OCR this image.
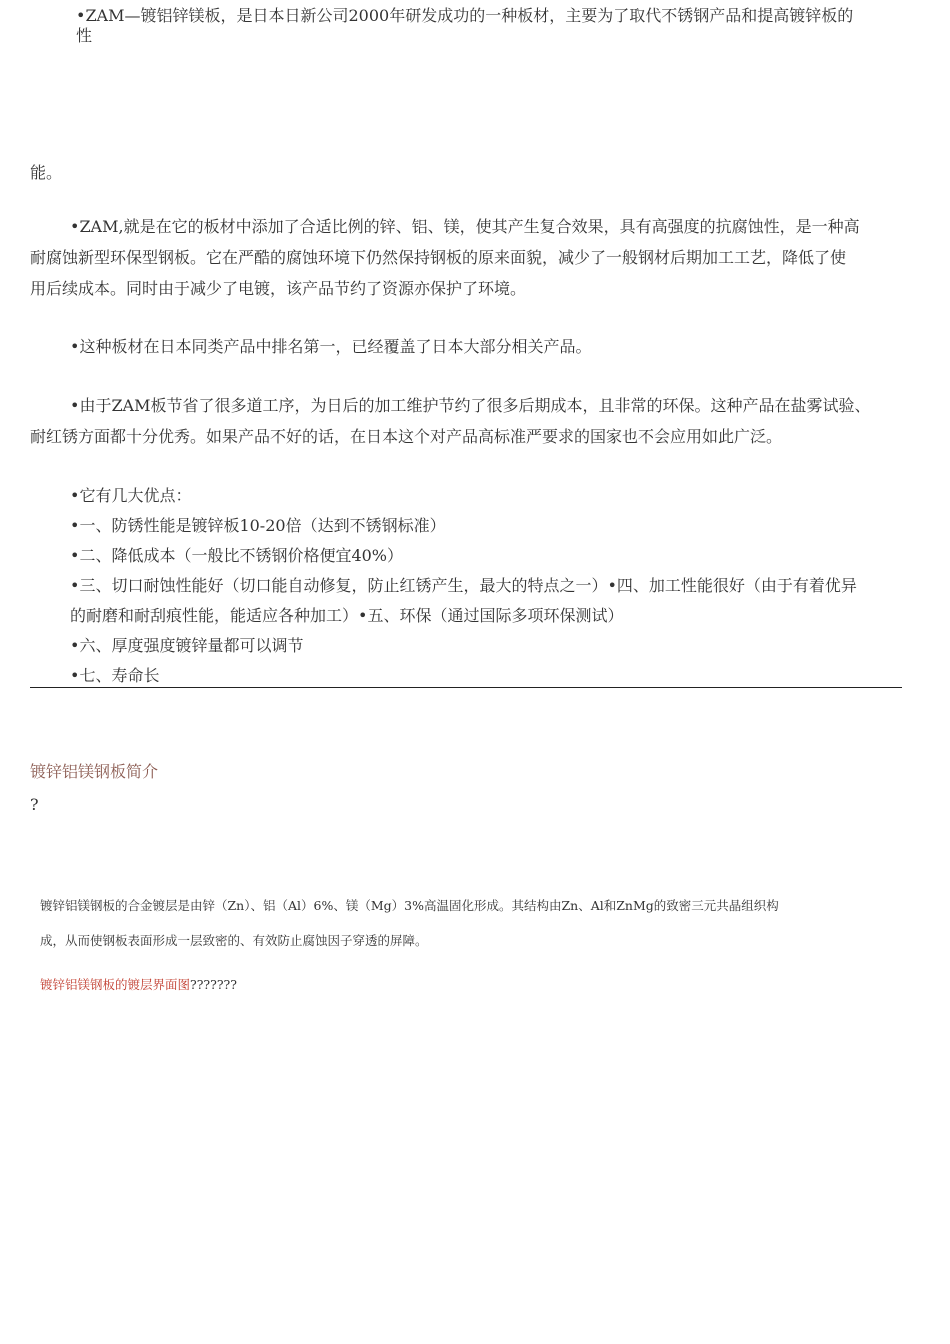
•ZAM—镀铝锌镁板，是日本日新公司2000年研发成功的一种板材，主要为了取代不锈钢产品和提高镀锌板的
性
能。
•ZAM,就是在它的板材中添加了合适比例的锌、铝、镁，使其产生复合效果，具有高强度的抗腐蚀性，是一种高
耐腐蚀新型环保型钢板。它在严酷的腐蚀环境下仍然保持钢板的原来面貌，减少了一般钢材后期加工工艺，降低了使
用后续成本。同时由于减少了电镀，该产品节约了资源亦保护了环境。
•这种板材在日本同类产品中排名第一，已经覆盖了日本大部分相关产品。
•由于ZAM板节省了很多道工序，为日后的加工维护节约了很多后期成本，且非常的环保。这种产品在盐雾试验、
耐红锈方面都十分优秀。如果产品不好的话，在日本这个对产品高标准严要求的国家也不会应用如此广泛。
•它有几大优点：
•一、防锈性能是镀锌板10-20倍（达到不锈钢标准）
•二、降低成本（一般比不锈钢价格便宜40%）
•三、切口耐蚀性能好（切口能自动修复，防止红锈产生，最大的特点之一）•四、加工性能很好（由于有着优异
的耐磨和耐刮痕性能，能适应各种加工）•五、环保（通过国际多项环保测试）
•六、厚度强度镀锌量都可以调节
•七、寿命长
镀锌铝镁钢板简介
?
镀锌铝镁钢板的合金镀层是由锌（Zn）、铝（Al）6%、镁（Mg）3%高温固化形成。其结构由Zn、Al和ZnMg的致密三元共晶组织构
成，从而使钢板表面形成一层致密的、有效防止腐蚀因子穿透的屏障。
镀锌铝镁钢板的镀层界面图???????
